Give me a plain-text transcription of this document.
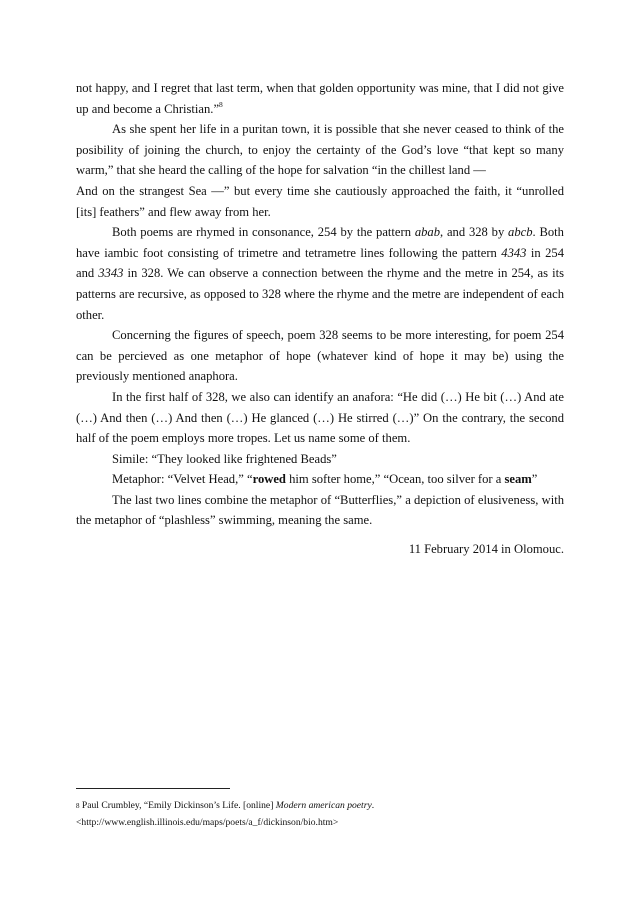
not happy, and I regret that last term, when that golden opportunity was mine, that I did not give up and become a Christian.”$^8$

As she spent her life in a puritan town, it is possible that she never ceased to think of the posibility of joining the church, to enjoy the certainty of the God’s love “that kept so many warm,” that she heard the calling of the hope for salvation “in the chillest land —
And on the strangest Sea —” but every time she cautiously approached the faith, it “unrolled [its] feathers” and flew away from her.

Both poems are rhymed in consonance, 254 by the pattern abab, and 328 by abcb. Both have iambic foot consisting of trimetre and tetrametre lines following the pattern 4343 in 254 and 3343 in 328. We can observe a connection between the rhyme and the metre in 254, as its patterns are recursive, as opposed to 328 where the rhyme and the metre are independent of each other.

Concerning the figures of speech, poem 328 seems to be more interesting, for poem 254 can be percieved as one metaphor of hope (whatever kind of hope it may be) using the previously mentioned anaphora.

In the first half of 328, we also can identify an anafora: “He did (…) He bit (…) And ate (…) And then (…) And then (…) He glanced (…) He stirred (…)” On the contrary, the second half of the poem employs more tropes. Let us name some of them.

Simile: “They looked like frightened Beads”

Metaphor: “Velvet Head,” “rowed him softer home,” “Ocean, too silver for a seam”

The last two lines combine the metaphor of “Butterflies,” a depiction of elusiveness, with the metaphor of “plashless” swimming, meaning the same.

11 February 2014 in Olomouc.

$^8$ Paul Crumbley, “Emily Dickinson’s Life. [online] Modern american poetry.

<http://www.english.illinois.edu/maps/poets/a_f/dickinson/bio.htm>
